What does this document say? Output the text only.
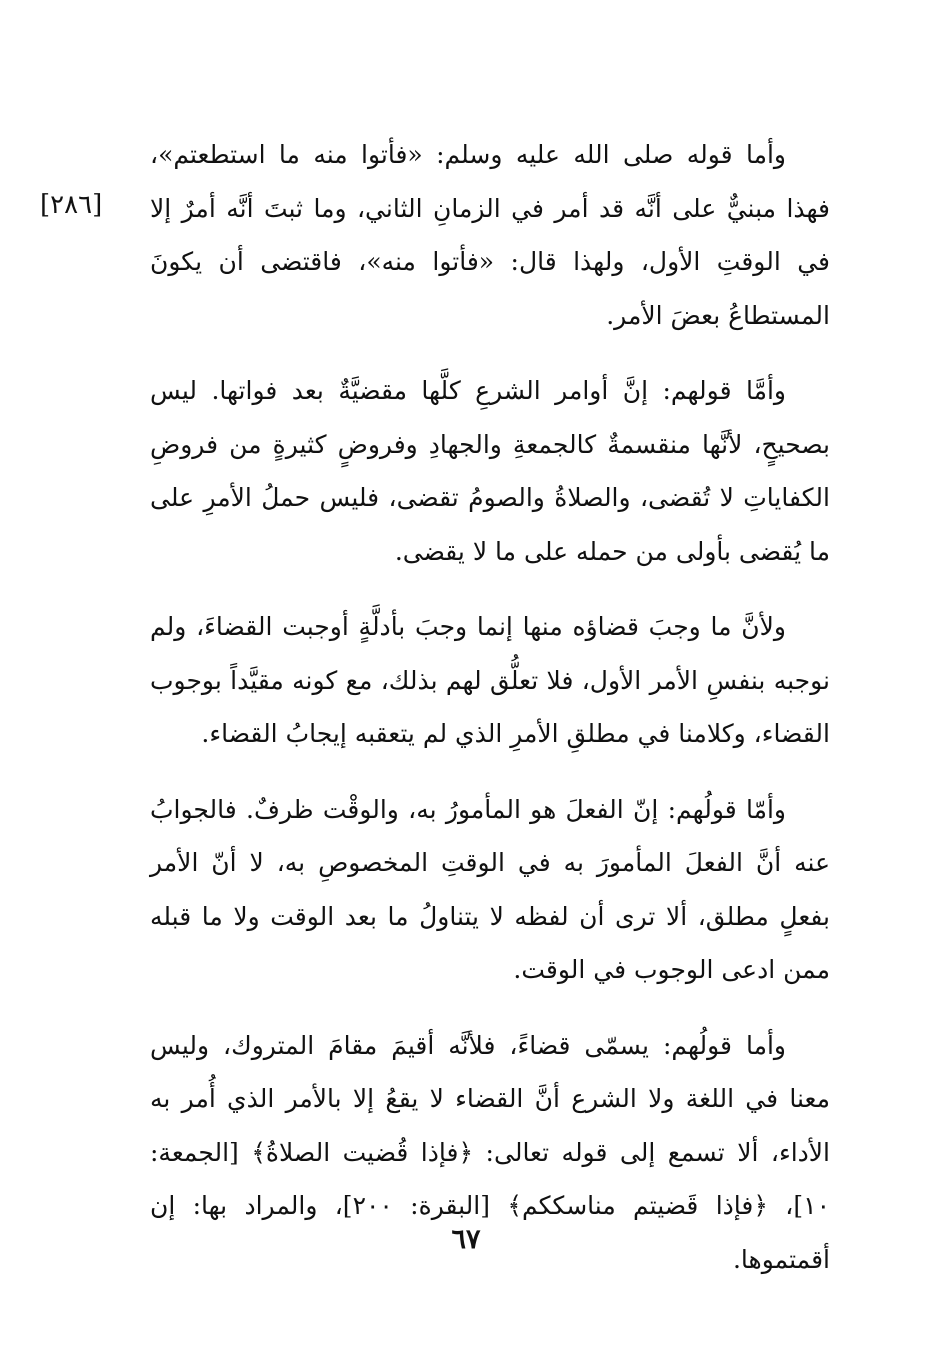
[٢٨٦]

وأما قوله صلى الله عليه وسلم: «فأتوا منه ما استطعتم»، فهذا مبنيٌّ على أنَّه قد أمر في الزمانِ الثاني، وما ثبتَ أنَّه أمرٌ إلا في الوقتِ الأول، ولهذا قال: «فأتوا منه»، فاقتضى أن يكونَ المستطاعُ بعضَ الأمر.

وأمَّا قولهم: إنَّ أوامر الشرعِ كلَّها مقضيَّةٌ بعد فواتها. ليس بصحيحٍ، لأنَّها منقسمةٌ كالجمعةِ والجهادِ وفروضٍ كثيرةٍ من فروضِ الكفاياتِ لا تُقضى، والصلاةُ والصومُ تقضى، فليس حملُ الأمرِ على ما يُقضى بأولى من حمله على ما لا يقضى.

ولأنَّ ما وجبَ قضاؤه منها إنما وجبَ بأدلَّةٍ أوجبت القضاءَ، ولم نوجبه بنفسِ الأمر الأول، فلا تعلُّق لهم بذلك، مع كونه مقيَّداً بوجوب القضاء، وكلامنا في مطلقِ الأمرِ الذي لم يتعقبه إيجابُ القضاء.

وأمّا قولُهم: إنّ الفعلَ هو المأمورُ به، والوقْت ظرفٌ. فالجوابُ عنه أنَّ الفعلَ المأمورَ به في الوقتِ المخصوصِ به، لا أنّ الأمر بفعلٍ مطلق، ألا ترى أن لفظه لا يتناولُ ما بعد الوقت ولا ما قبله ممن ادعى الوجوب في الوقت.

وأما قولُهم: يسمّى قضاءً، فلأنَّه أقيمَ مقامَ المتروك، وليس معنا في اللغة ولا الشرع أنَّ القضاء لا يقعُ إلا بالأمر الذي أُمر به الأداء، ألا تسمع إلى قوله تعالى: ﴿فإذا قُضيت الصلاةُ﴾ [الجمعة: ١٠]، ﴿فإذا قَضيتم مناسككم﴾ [البقرة: ٢٠٠]، والمراد بها: إن أقمتموها.

٦٧
